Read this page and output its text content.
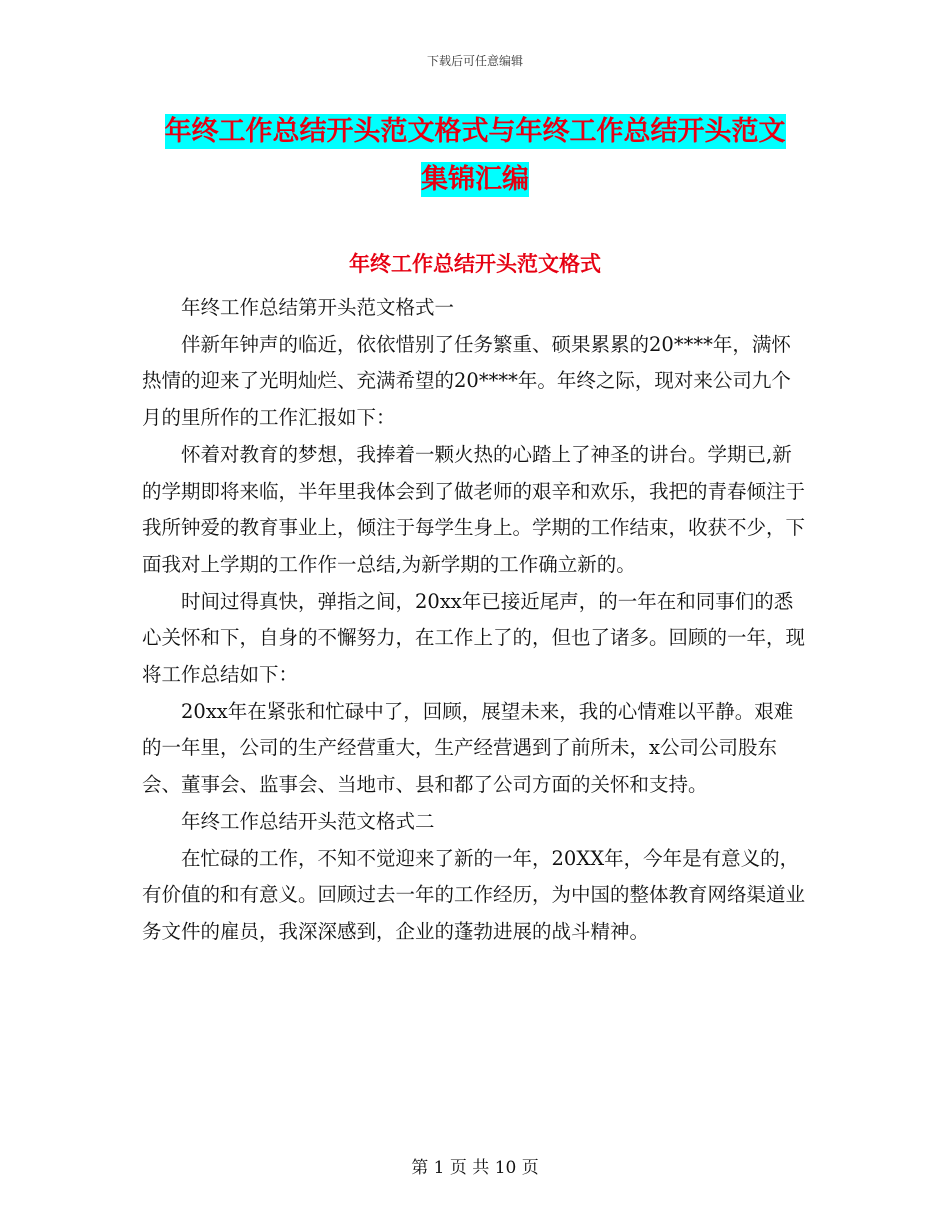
下载后可任意编辑
年终工作总结开头范文格式与年终工作总结开头范文
集锦汇编
年终工作总结开头范文格式

年终工作总结第开头范文格式一

伴新年钟声的临近，依依惜别了任务繁重、硕果累累的20****年，满怀热情的迎来了光明灿烂、充满希望的20****年。年终之际，现对来公司九个月的里所作的工作汇报如下：

怀着对教育的梦想，我捧着一颗火热的心踏上了神圣的讲台。学期已,新的学期即将来临，半年里我体会到了做老师的艰辛和欢乐，我把的青春倾注于我所钟爱的教育事业上，倾注于每学生身上。学期的工作结束，收获不少，下面我对上学期的工作作一总结,为新学期的工作确立新的。

时间过得真快，弹指之间，20xx年已接近尾声，的一年在和同事们的悉心关怀和下，自身的不懈努力，在工作上了的，但也了诸多。回顾的一年，现将工作总结如下：

20xx年在紧张和忙碌中了，回顾，展望未来，我的心情难以平静。艰难的一年里，公司的生产经营重大，生产经营遇到了前所未，x公司公司股东会、董事会、监事会、当地市、县和都了公司方面的关怀和支持。

年终工作总结开头范文格式二

在忙碌的工作，不知不觉迎来了新的一年，20XX年，今年是有意义的，有价值的和有意义。回顾过去一年的工作经历，为中国的整体教育网络渠道业务文件的雇员，我深深感到，企业的蓬勃进展的战斗精神。

第 1 页 共 10 页
